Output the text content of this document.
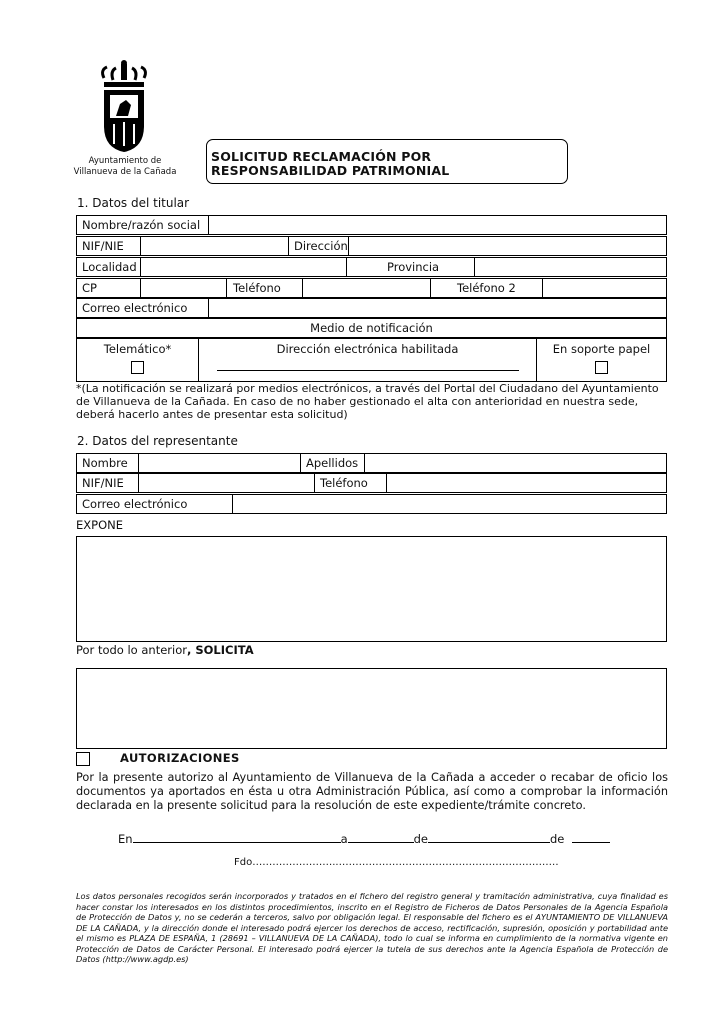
Ayuntamiento de
Villanueva de la Cañada
SOLICITUD RECLAMACIÓN POR RESPONSABILIDAD PATRIMONIAL
1. Datos del titular
Nombre/razón social	
NIF/NIE		Dirección	
Localidad		Provincia	
CP		Teléfono		Teléfono 2	
Correo electrónico	
Medio de notificación
Telemático*	Dirección electrónica habilitada	En soporte papel
*(La notificación se realizará por medios electrónicos, a través del Portal del Ciudadano del Ayuntamiento de Villanueva de la Cañada. En caso de no haber gestionado el alta con anterioridad en nuestra sede, deberá hacerlo antes de presentar esta solicitud)
2. Datos del representante
Nombre		Apellidos	
NIF/NIE		Teléfono	
Correo electrónico	
EXPONE
Por todo lo anterior, SOLICITA
AUTORIZACIONES
Por la presente autorizo al Ayuntamiento de Villanueva de la Cañada a acceder o recabar de oficio los documentos ya aportados en ésta u otra Administración Pública, así como a comprobar la información declarada en la presente solicitud para la resolución de este expediente/trámite concreto.
En	a	de	de
Fdo……………………..…………………………………………………………
Los datos personales recogidos serán incorporados y tratados en el fichero del registro general y tramitación administrativa, cuya finalidad es hacer constar los interesados en los distintos procedimientos, inscrito en el Registro de Ficheros de Datos Personales de la Agencia Española de Protección de Datos y, no se cederán a terceros, salvo por obligación legal. El responsable del fichero es el AYUNTAMIENTO DE VILLANUEVA DE LA CAÑADA, y la dirección donde el interesado podrá ejercer los derechos de acceso, rectificación, supresión, oposición y portabilidad ante el mismo es PLAZA DE ESPAÑA, 1 (28691 – VILLANUEVA DE LA CAÑADA), todo lo cual se informa en cumplimiento de la normativa vigente en Protección de Datos de Carácter Personal. El interesado podrá ejercer la tutela de sus derechos ante la Agencia Española de Protección de Datos (http://www.agdp.es)
